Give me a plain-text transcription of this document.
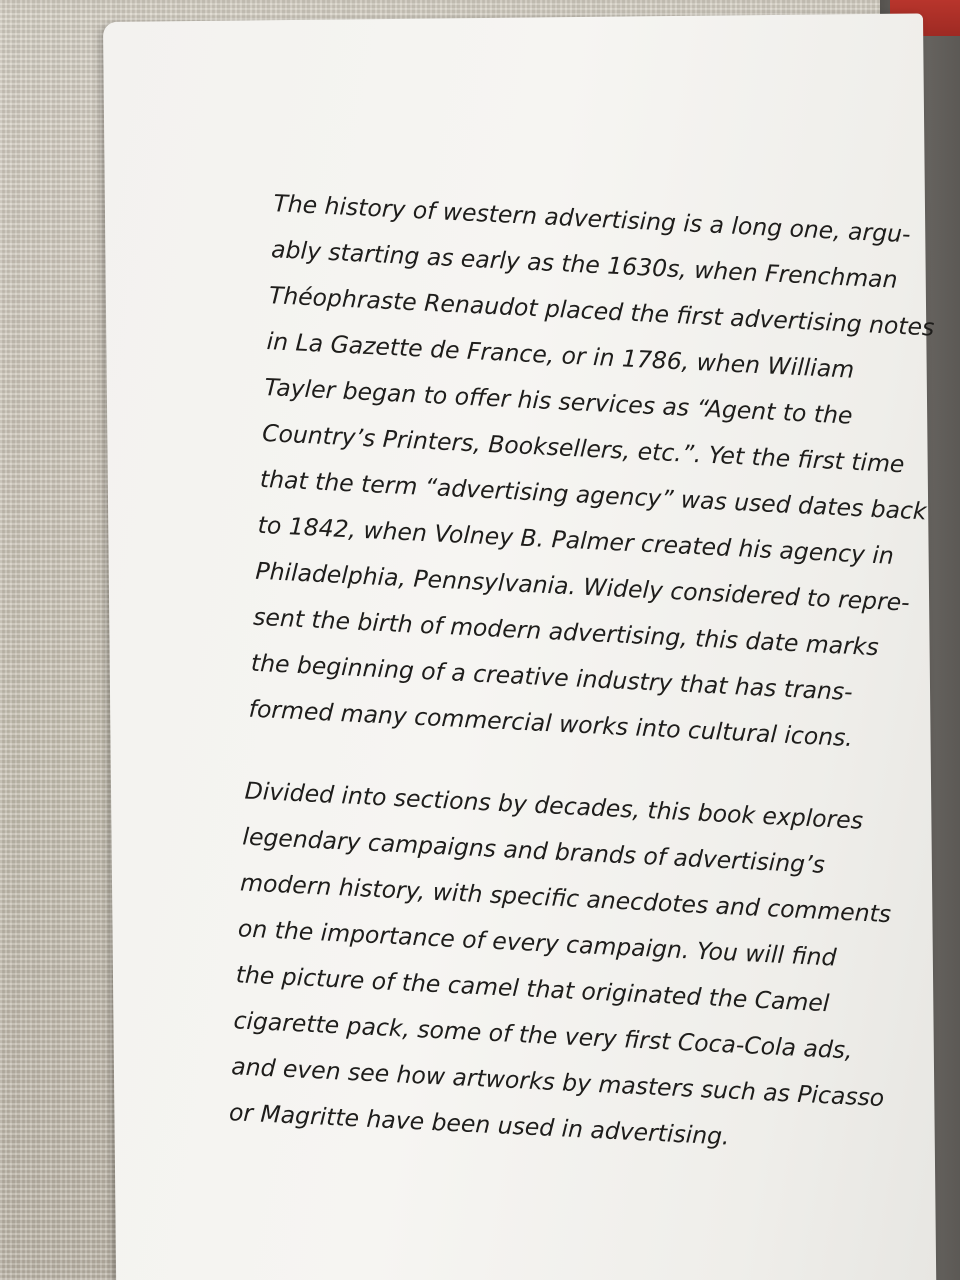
The history of western advertising is a long one, argu-
ably starting as early as the 1630s, when Frenchman
Théophraste Renaudot placed the first advertising notes
in La Gazette de France, or in 1786, when William
Tayler began to offer his services as “Agent to the
Country’s Printers, Booksellers, etc.”. Yet the first time
that the term “advertising agency” was used dates back
to 1842, when Volney B. Palmer created his agency in
Philadelphia, Pennsylvania. Widely considered to repre-
sent the birth of modern advertising, this date marks
the beginning of a creative industry that has trans-
formed many commercial works into cultural icons.
Divided into sections by decades, this book explores
legendary campaigns and brands of advertising’s
modern history, with specific anecdotes and comments
on the importance of every campaign. You will find
the picture of the camel that originated the Camel
cigarette pack, some of the very first Coca-Cola ads,
and even see how artworks by masters such as Picasso
or Magritte have been used in advertising.
